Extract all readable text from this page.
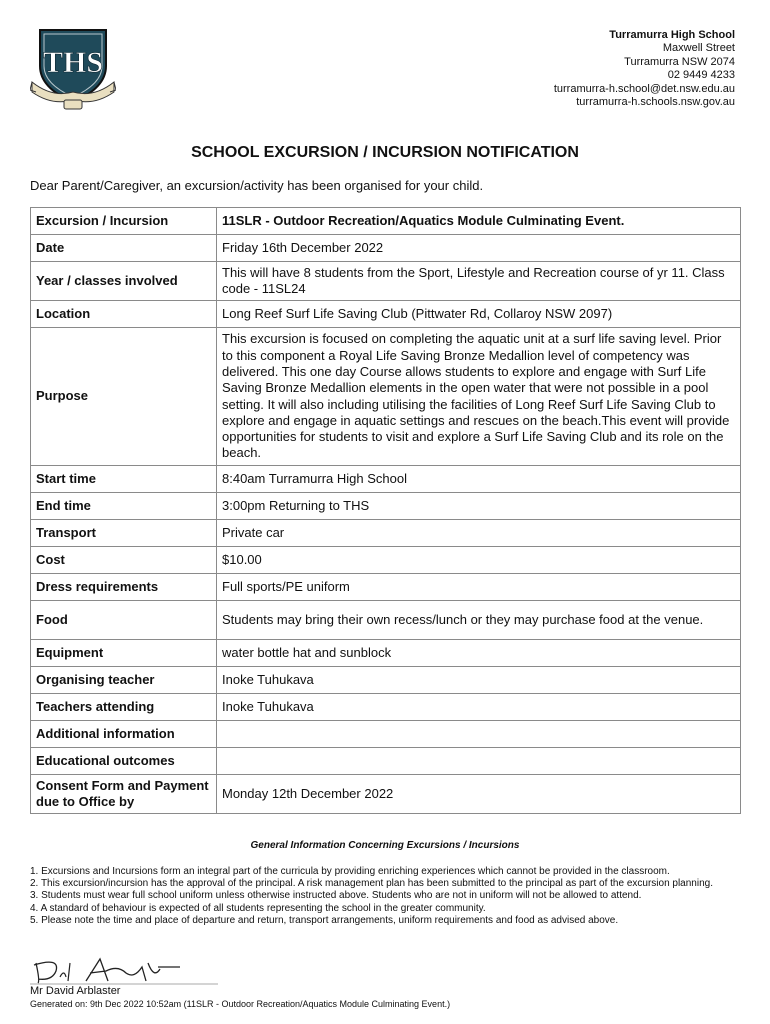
THS
Turramurra High School
Maxwell Street
Turramurra NSW 2074
02 9449 4233
turramurra-h.school@det.nsw.edu.au
turramurra-h.schools.nsw.gov.au
SCHOOL EXCURSION / INCURSION NOTIFICATION
Dear Parent/Caregiver, an excursion/activity has been organised for your child.
Excursion / Incursion	11SLR - Outdoor Recreation/Aquatics Module Culminating Event.
Date	Friday 16th December 2022
Year / classes involved	This will have 8 students from the Sport, Lifestyle and Recreation course of yr 11. Class code - 11SL24
Location	Long Reef Surf Life Saving Club (Pittwater Rd, Collaroy NSW 2097)
Purpose	This excursion is focused on completing the aquatic unit at a surf life saving level. Prior to this component a Royal Life Saving Bronze Medallion level of competency was delivered. This one day Course allows students to explore and engage with Surf Life Saving Bronze Medallion elements in the open water that were not possible in a pool setting. It will also including utilising the facilities of Long Reef Surf Life Saving Club to explore and engage in aquatic settings and rescues on the beach.This event will provide opportunities for students to visit and explore a Surf Life Saving Club and its role on the beach.
Start time	8:40am Turramurra High School
End time	3:00pm Returning to THS
Transport	Private car
Cost	$10.00
Dress requirements	Full sports/PE uniform
Food	Students may bring their own recess/lunch or they may purchase food at the venue.
Equipment	water bottle hat and sunblock
Organising teacher	Inoke Tuhukava
Teachers attending	Inoke Tuhukava
Additional information	
Educational outcomes	
Consent Form and Payment due to Office by	Monday 12th December 2022
General Information Concerning Excursions / Incursions
1. Excursions and Incursions form an integral part of the curricula by providing enriching experiences which cannot be provided in the classroom.
2. This excursion/incursion has the approval of the principal. A risk management plan has been submitted to the principal as part of the excursion planning.
3. Students must wear full school uniform unless otherwise instructed above. Students who are not in uniform will not be allowed to attend.
4. A standard of behaviour is expected of all students representing the school in the greater community.
5. Please note the time and place of departure and return, transport arrangements, uniform requirements and food as advised above.
Mr David Arblaster
Generated on: 9th Dec 2022 10:52am (11SLR - Outdoor Recreation/Aquatics Module Culminating Event.)
